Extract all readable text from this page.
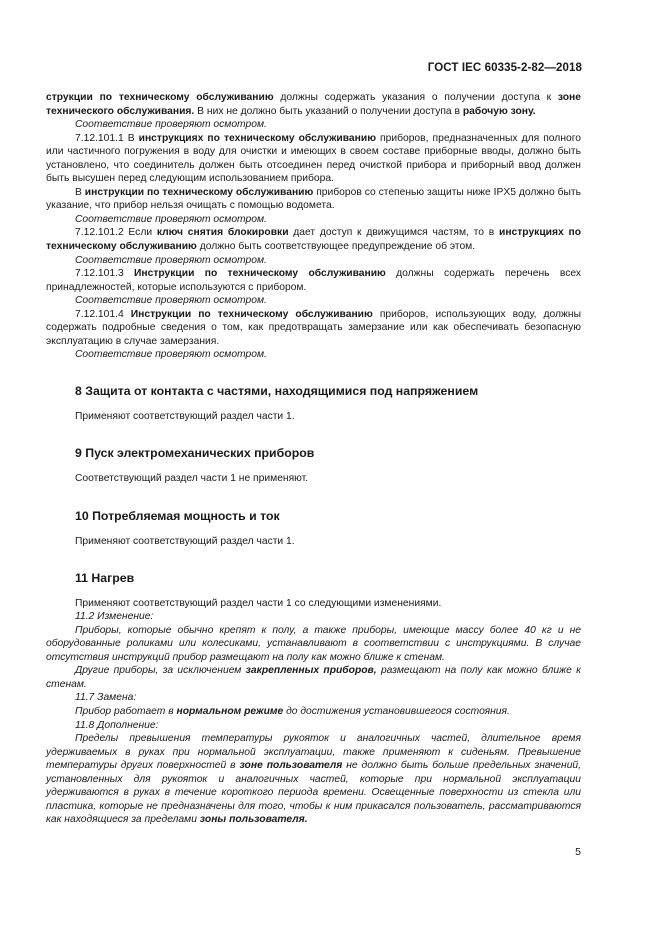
ГОСТ IEC 60335-2-82—2018

струкции по техническому обслуживанию должны содержать указания о получении доступа к зоне технического обслуживания. В них не должно быть указаний о получении доступа в рабочую зону.

Соответствие проверяют осмотром.

7.12.101.1 В инструкциях по техническому обслуживанию приборов, предназначенных для полного или частичного погружения в воду для очистки и имеющих в своем составе приборные вводы, должно быть установлено, что соединитель должен быть отсоединен перед очисткой прибора и приборный ввод должен быть высушен перед следующим использованием прибора.

В инструкции по техническому обслуживанию приборов со степенью защиты ниже IPX5 должно быть указание, что прибор нельзя очищать с помощью водомета.

Соответствие проверяют осмотром.

7.12.101.2 Если ключ снятия блокировки дает доступ к движущимся частям, то в инструкциях по техническому обслуживанию должно быть соответствующее предупреждение об этом.

Соответствие проверяют осмотром.

7.12.101.3 Инструкции по техническому обслуживанию должны содержать перечень всех принадлежностей, которые используются с прибором.

Соответствие проверяют осмотром.

7.12.101.4 Инструкции по техническому обслуживанию приборов, использующих воду, должны содержать подробные сведения о том, как предотвращать замерзание или как обеспечивать безопасную эксплуатацию в случае замерзания.

Соответствие проверяют осмотром.

8 Защита от контакта с частями, находящимися под напряжением

Применяют соответствующий раздел части 1.

9 Пуск электромеханических приборов

Соответствующий раздел части 1 не применяют.

10 Потребляемая мощность и ток

Применяют соответствующий раздел части 1.

11 Нагрев

Применяют соответствующий раздел части 1 со следующими изменениями.

11.2 Изменение:

Приборы, которые обычно крепят к полу, а также приборы, имеющие массу более 40 кг и не оборудованные роликами или колесиками, устанавливают в соответствии с инструкциями. В случае отсутствия инструкций прибор размещают на полу как можно ближе к стенам.

Другие приборы, за исключением закрепленных приборов, размещают на полу как можно ближе к стенам.

11.7 Замена:

Прибор работает в нормальном режиме до достижения установившегося состояния.

11.8 Дополнение:

Пределы превышения температуры рукояток и аналогичных частей, длительное время удерживаемых в руках при нормальной эксплуатации, также применяют к сиденьям. Превышение температуры других поверхностей в зоне пользователя не должно быть больше предельных значений, установленных для рукояток и аналогичных частей, которые при нормальной эксплуатации удерживаются в руках в течение короткого периода времени. Освещенные поверхности из стекла или пластика, которые не предназначены для того, чтобы к ним прикасался пользователь, рассматриваются как находящиеся за пределами зоны пользователя.

5
